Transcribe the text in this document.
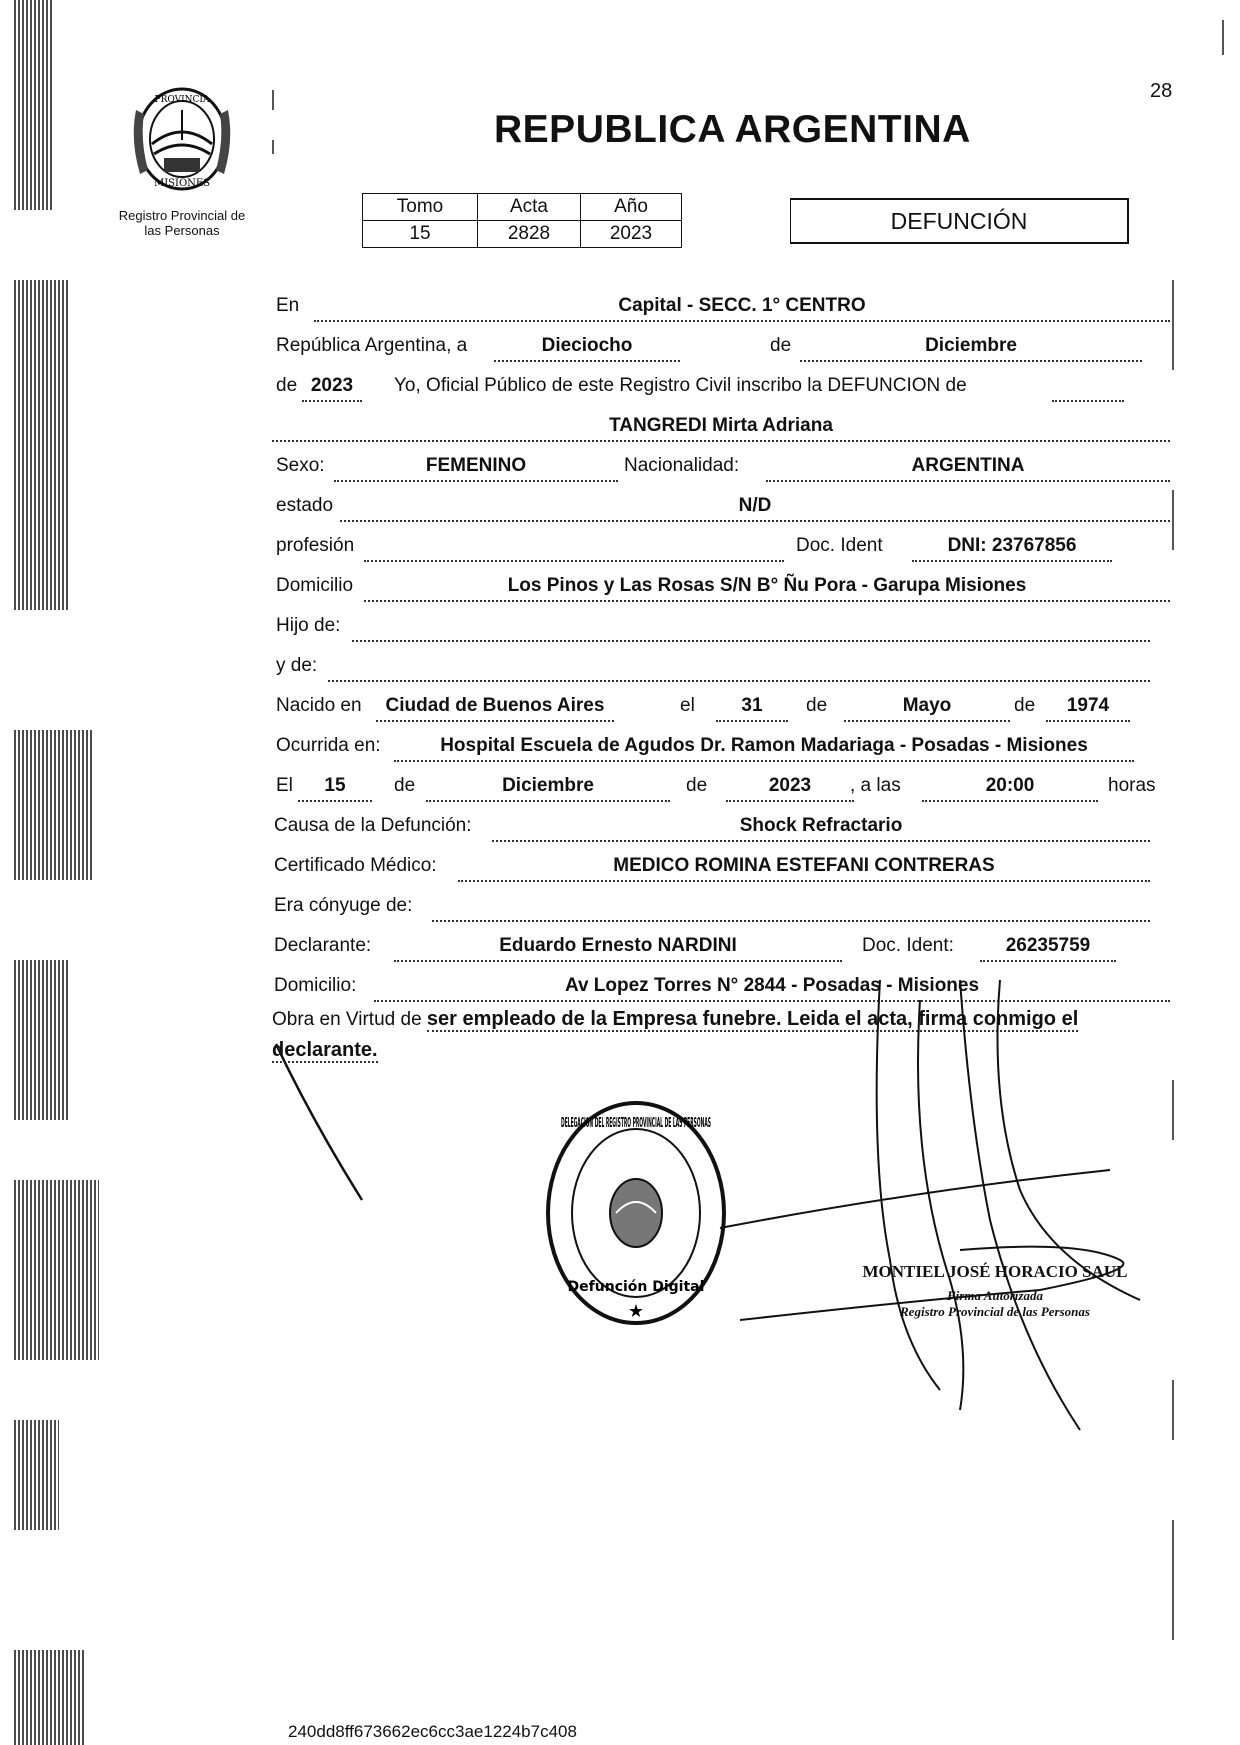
28
PROVINCIA
MISIONES
Registro Provincial de
las Personas
REPUBLICA ARGENTINA
Tomo	Acta	Año
15	2828	2023	DEFUNCIÓN
En	Capital - SECC. 1° CENTRO
República Argentina, a	Dieciocho	de	Diciembre
de 2023	Yo, Oficial Público de este Registro Civil inscribo la DEFUNCION de
TANGREDI Mirta Adriana
Sexo:	FEMENINO	Nacionalidad:	ARGENTINA
estado	N/D
profesión	Doc. Ident	DNI: 23767856
Domicilio	Los Pinos y Las Rosas S/N B° Ñu Pora - Garupa Misiones
Hijo de:
y de:
Nacido en	Ciudad de Buenos Aires	el	31	de	Mayo	de	1974
Ocurrida en:	Hospital Escuela de Agudos Dr. Ramon Madariaga - Posadas - Misiones
El	15	de	Diciembre	de	2023	, a las	20:00	horas
Causa de la Defunción:	Shock Refractario
Certificado Médico:	MEDICO ROMINA ESTEFANI CONTRERAS
Era cónyuge de:
Declarante:	Eduardo Ernesto NARDINI	Doc. Ident:	26235759
Domicilio:	Av Lopez Torres N° 2844 - Posadas - Misiones
Obra en Virtud de ser empleado de la Empresa funebre. Leida el acta, firma conmigo el
declarante.
DELEGACION DEL REGISTRO PROVINCIAL DE LAS PERSONAS
Defunción Digital
★
MONTIEL JOSÉ HORACIO SAUL
Firma Autorizada
Registro Provincial de las Personas
240dd8ff673662ec6cc3ae1224b7c408
